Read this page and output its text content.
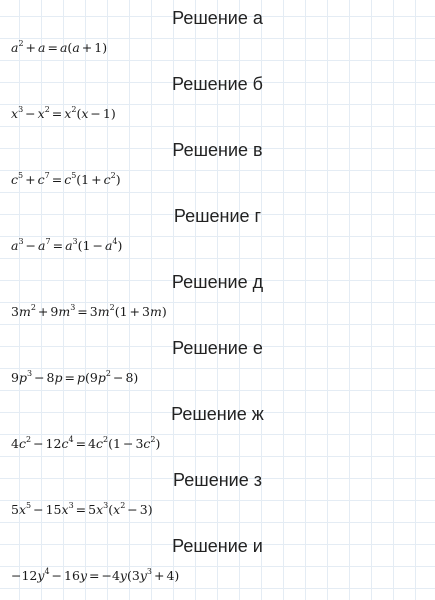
Решение а
$a^2 + a = a(a + 1)$
Решение б
$x^3 - x^2 = x^2(x - 1)$
Решение в
$c^5 + c^7 = c^5(1 + c^2)$
Решение г
$a^3 - a^7 = a^3(1 - a^4)$
Решение д
$3m^2 + 9m^3 = 3m^2(1 + 3m)$
Решение е
$9p^3 - 8p = p(9p^2 - 8)$
Решение ж
$4c^2 - 12c^4 = 4c^2(1 - 3c^2)$
Решение з
$5x^5 - 15x^3 = 5x^3(x^2 - 3)$
Решение и
$-12y^4 - 16y = -4y(3y^3 + 4)$
